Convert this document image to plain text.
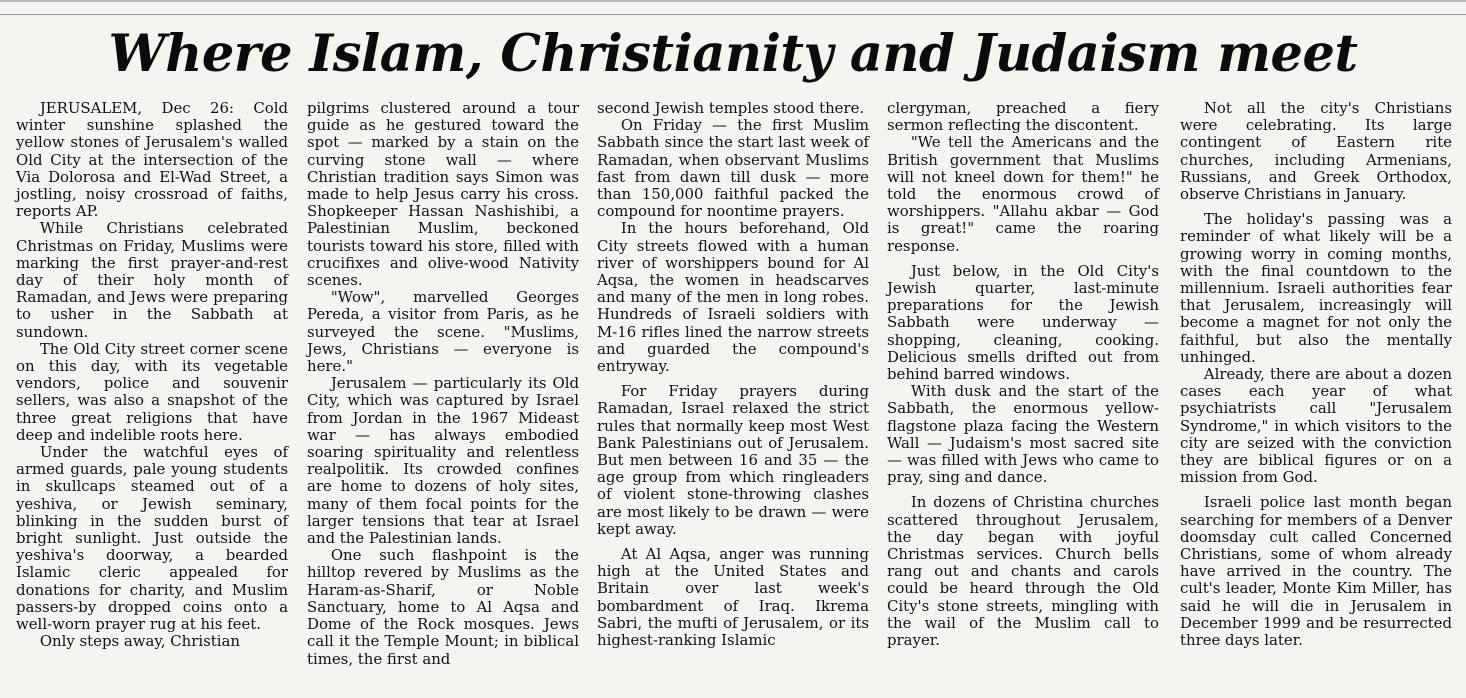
Where Islam, Christianity and Judaism meet

JERUSALEM, Dec 26: Cold winter sunshine splashed the yellow stones of Jerusalem's walled Old City at the intersection of the Via Dolorosa and El-Wad Street, a jostling, noisy crossroad of faiths, reports AP.

While Christians celebrated Christmas on Friday, Muslims were marking the first prayer-and-rest day of their holy month of Ramadan, and Jews were preparing to usher in the Sabbath at sundown.

The Old City street corner scene on this day, with its vegetable vendors, police and souvenir sellers, was also a snapshot of the three great religions that have deep and indelible roots here.

Under the watchful eyes of armed guards, pale young students in skullcaps steamed out of a yeshiva, or Jewish seminary, blinking in the sudden burst of bright sunlight. Just outside the yeshiva's doorway, a bearded Islamic cleric appealed for donations for charity, and Muslim passers-by dropped coins onto a well-worn prayer rug at his feet.

Only steps away, Christian

pilgrims clustered around a tour guide as he gestured toward the spot — marked by a stain on the curving stone wall — where Christian tradition says Simon was made to help Jesus carry his cross. Shopkeeper Hassan Nashishibi, a Palestinian Muslim, beckoned tourists toward his store, filled with crucifixes and olive-wood Nativity scenes.

"Wow", marvelled Georges Pereda, a visitor from Paris, as he surveyed the scene. "Muslims, Jews, Christians — everyone is here."

Jerusalem — particularly its Old City, which was captured by Israel from Jordan in the 1967 Mideast war — has always embodied soaring spirituality and relentless realpolitik. Its crowded confines are home to dozens of holy sites, many of them focal points for the larger tensions that tear at Israel and the Palestinian lands.

One such flashpoint is the hilltop revered by Muslims as the Haram-as-Sharif, or Noble Sanctuary, home to Al Aqsa and Dome of the Rock mosques. Jews call it the Temple Mount; in biblical times, the first and

second Jewish temples stood there.

On Friday — the first Muslim Sabbath since the start last week of Ramadan, when observant Muslims fast from dawn till dusk — more than 150,000 faithful packed the compound for noontime prayers.

In the hours beforehand, Old City streets flowed with a human river of worshippers bound for Al Aqsa, the women in headscarves and many of the men in long robes. Hundreds of Israeli soldiers with M-16 rifles lined the narrow streets and guarded the compound's entryway.

For Friday prayers during Ramadan, Israel relaxed the strict rules that normally keep most West Bank Palestinians out of Jerusalem. But men between 16 and 35 — the age group from which ringleaders of violent stone-throwing clashes are most likely to be drawn — were kept away.

At Al Aqsa, anger was running high at the United States and Britain over last week's bombardment of Iraq. Ikrema Sabri, the mufti of Jerusalem, or its highest-ranking Islamic

clergyman, preached a fiery sermon reflecting the discontent.

"We tell the Americans and the British government that Muslims will not kneel down for them!" he told the enormous crowd of worshippers. "Allahu akbar — God is great!" came the roaring response.

Just below, in the Old City's Jewish quarter, last-minute preparations for the Jewish Sabbath were underway — shopping, cleaning, cooking. Delicious smells drifted out from behind barred windows.

With dusk and the start of the Sabbath, the enormous yellow-flagstone plaza facing the Western Wall — Judaism's most sacred site — was filled with Jews who came to pray, sing and dance.

In dozens of Christina churches scattered throughout Jerusalem, the day began with joyful Christmas services. Church bells rang out and chants and carols could be heard through the Old City's stone streets, mingling with the wail of the Muslim call to prayer.

Not all the city's Christians were celebrating. Its large contingent of Eastern rite churches, including Armenians, Russians, and Greek Orthodox, observe Christians in January.

The holiday's passing was a reminder of what likely will be a growing worry in coming months, with the final countdown to the millennium. Israeli authorities fear that Jerusalem, increasingly will become a magnet for not only the faithful, but also the mentally unhinged.

Already, there are about a dozen cases each year of what psychiatrists call "Jerusalem Syndrome," in which visitors to the city are seized with the conviction they are biblical figures or on a mission from God.

Israeli police last month began searching for members of a Denver doomsday cult called Concerned Christians, some of whom already have arrived in the country. The cult's leader, Monte Kim Miller, has said he will die in Jerusalem in December 1999 and be resurrected three days later.
